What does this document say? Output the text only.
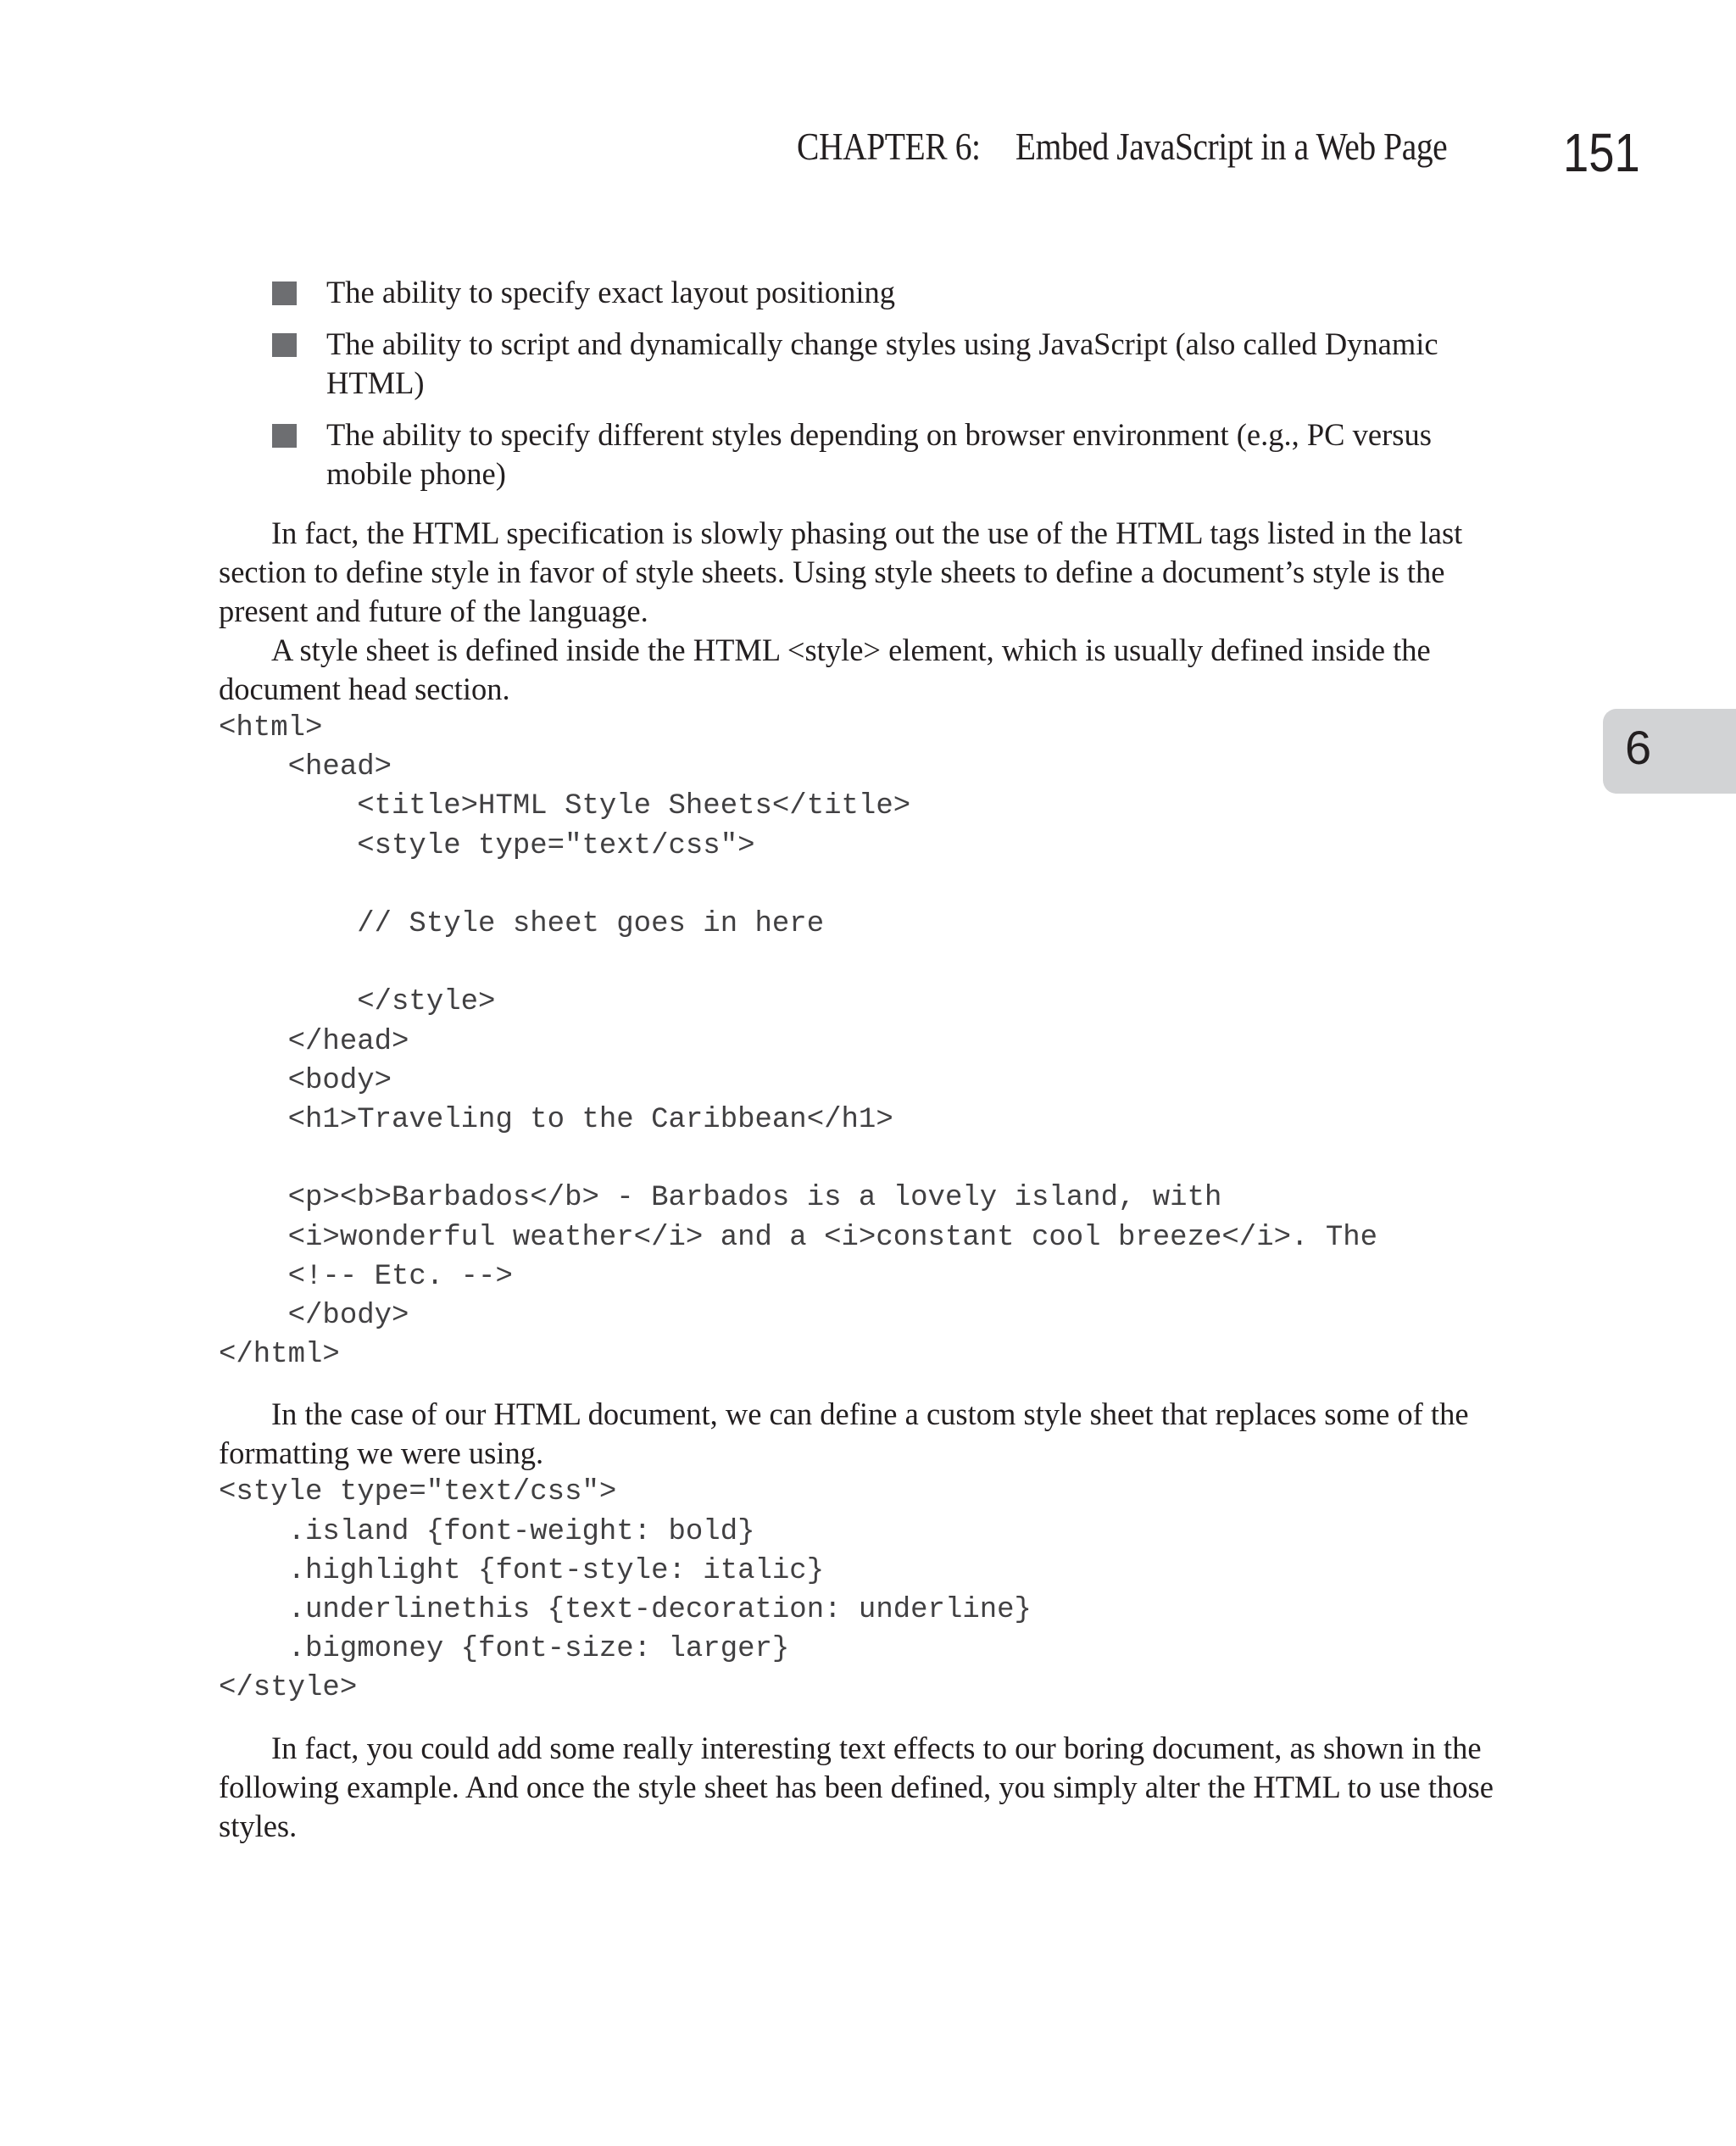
CHAPTER 6: Embed JavaScript in a Web Page 151
6
The ability to specify exact layout positioning
The ability to script and dynamically change styles using JavaScript (also called Dynamic HTML)
The ability to specify different styles depending on browser environment (e.g., PC versus mobile phone)

In fact, the HTML specification is slowly phasing out the use of the HTML tags listed in the last section to define style in favor of style sheets. Using style sheets to define a document’s style is the present and future of the language.

A style sheet is defined inside the HTML <style> element, which is usually defined inside the document head section.

<html>
<head>
<title>HTML Style Sheets</title>
<style type="text/css">

// Style sheet goes in here

</style>
</head>
<body>
<h1>Traveling to the Caribbean</h1>

<p><b>Barbados</b> - Barbados is a lovely island, with
<i>wonderful weather</i> and a <i>constant cool breeze</i>. The
<!-- Etc. -->
</body>
</html>

In the case of our HTML document, we can define a custom style sheet that replaces some of the formatting we were using.

<style type="text/css">
.island {font-weight: bold}
.highlight {font-style: italic}
.underlinethis {text-decoration: underline}
.bigmoney {font-size: larger}
</style>

In fact, you could add some really interesting text effects to our boring document, as shown in the following example. And once the style sheet has been defined, you simply alter the HTML to use those styles.
